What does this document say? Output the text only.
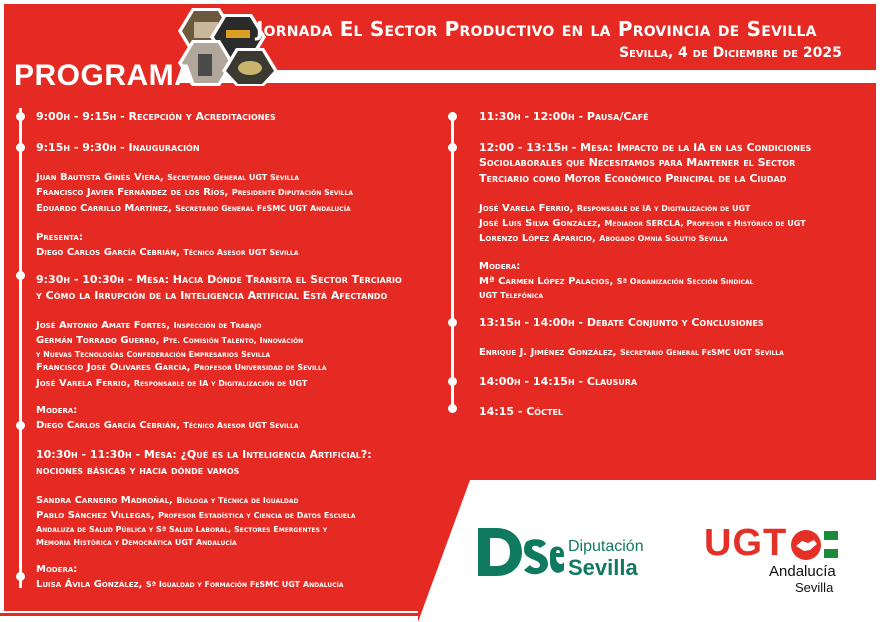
Jornada El Sector Productivo en la Provincia de Sevilla
Sevilla, 4 de Diciembre de 2025
PROGRAMA
9:00h - 9:15h - Recepción y Acreditaciones
9:15h - 9:30h - Inauguración
Juan Bautista Ginés Viera, Secretario General UGT Sevilla
Francisco Javier Fernández de los Ríos, Presidente Diputación Sevilla
Eduardo Carrillo Martínez, Secretario General FeSMC UGT Andalucía
Presenta:
Diego Carlos García Cebrián, Técnico Asesor UGT Sevilla
9:30h - 10:30h - Mesa: Hacia Dónde Transita el Sector Terciario
y Cómo la Irrupción de la Inteligencia Artificial Está Afectando
José Antonio Amate Fortes, Inspección de Trabajo
Germán Torrado Guerro, Pte. Comisión Talento, Innovación
y Nuevas Tecnologías Confederación Empresarios Sevilla
Francisco José Olivares García, Profesor Universidad de Sevilla
José Varela Ferrio, Responsable de IA y Digitalización de UGT
Modera:
Diego Carlos García Cebrián, Técnico Asesor UGT Sevilla
10:30h - 11:30h - Mesa: ¿Qué es la Inteligencia Artificial?:
nociones básicas y hacia dónde vamos
Sandra Carneiro Madroñal, Bióloga y Técnica de Igualdad
Pablo Sánchez Villegas, Profesor Estadística y Ciencia de Datos Escuela
Andaluza de Salud Pública y Sª Salud Laboral, Sectores Emergentes y
Memoria Histórica y Democrática UGT Andalucía
Modera:
Luisa Ávila González, Sª Igualdad y Formación FeSMC UGT Andalucía
11:30h - 12:00h - Pausa/Café
12:00 - 13:15h - Mesa: Impacto de la IA en las Condiciones
Sociolaborales que Necesitamos para Mantener el Sector
Terciario como Motor Económico Principal de la Ciudad
José Varela Ferrio, Responsable de IA y Digitalización de UGT
José Luis Silva González, Mediador SERCLA, Profesor e Histórico de UGT
Lorenzo López Aparicio, Abogado Omnia Solutio Sevilla
Modera:
Mª Carmen López Palacios, Sª Organización Sección Sindical
UGT Telefónica
13:15h - 14:00h - Debate Conjunto y Conclusiones
Enrique J. Jiménez González, Secretario General FeSMC UGT Sevilla
14:00h - 14:15h - Clausura
14:15 - Cóctel
Diputación
Sevilla
UGT
Andalucía
Sevilla
